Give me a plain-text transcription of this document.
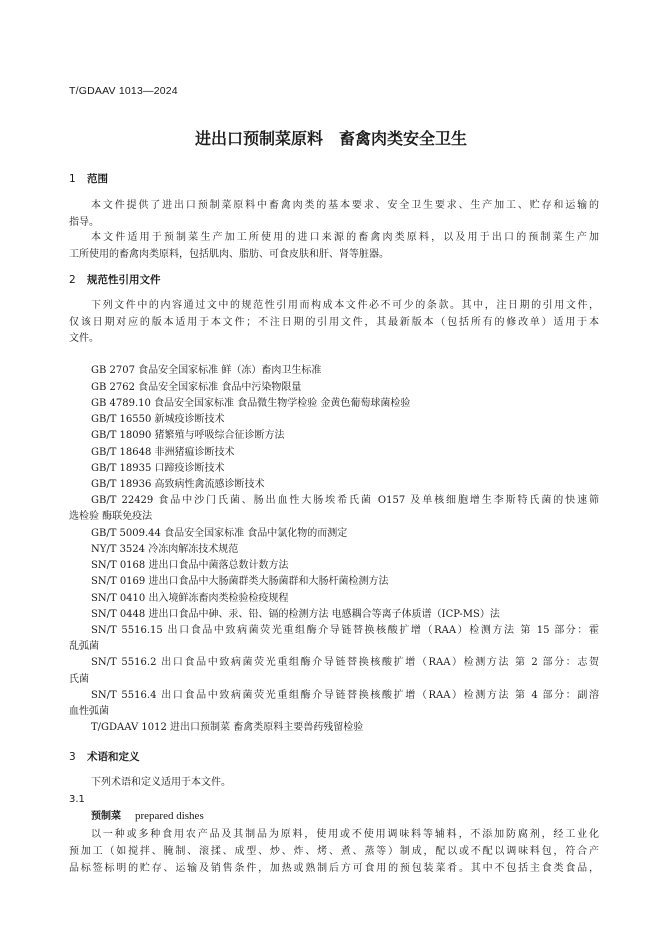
T/GDAAV 1013—2024
进出口预制菜原料　畜禽肉类安全卫生
1 范围
本文件提供了进出口预制菜原料中畜禽肉类的基本要求、安全卫生要求、生产加工、贮存和运输的
指导。
本文件适用于预制菜生产加工所使用的进口来源的畜禽肉类原料，以及用于出口的预制菜生产加
工所使用的畜禽肉类原料，包括肌肉、脂肪、可食皮肤和肝、肾等脏器。
2 规范性引用文件
下列文件中的内容通过文中的规范性引用而构成本文件必不可少的条款。其中，注日期的引用文件，
仅该日期对应的版本适用于本文件；不注日期的引用文件，其最新版本（包括所有的修改单）适用于本
文件。
GB 2707 食品安全国家标准 鲜（冻）畜肉卫生标准
GB 2762 食品安全国家标准 食品中污染物限量
GB 4789.10 食品安全国家标准 食品微生物学检验 金黄色葡萄球菌检验
GB/T 16550 新城疫诊断技术
GB/T 18090 猪繁殖与呼吸综合征诊断方法
GB/T 18648 非洲猪瘟诊断技术
GB/T 18935 口蹄疫诊断技术
GB/T 18936 高致病性禽流感诊断技术
GB/T 22429 食品中沙门氏菌、肠出血性大肠埃希氏菌 O157 及单核细胞增生李斯特氏菌的快速筛
选检验 酶联免疫法
GB/T 5009.44 食品安全国家标准 食品中氯化物的而测定
NY/T 3524 冷冻肉解冻技术规范
SN/T 0168 进出口食品中菌落总数计数方法
SN/T 0169 进出口食品中大肠菌群类大肠菌群和大肠杆菌检测方法
SN/T 0410 出入境鲜冻畜肉类检验检疫规程
SN/T 0448 进出口食品中砷、汞、铅、镉的检测方法 电感耦合等离子体质谱（ICP-MS）法
SN/T 5516.15 出口食品中致病菌荧光重组酶介导链替换核酸扩增（RAA）检测方法 第 15 部分：霍
乱弧菌
SN/T 5516.2 出口食品中致病菌荧光重组酶介导链替换核酸扩增（RAA）检测方法 第 2 部分：志贺
氏菌
SN/T 5516.4 出口食品中致病菌荧光重组酶介导链替换核酸扩增（RAA）检测方法 第 4 部分：副溶
血性弧菌
T/GDAAV 1012 进出口预制菜 畜禽类原料主要兽药残留检验
3 术语和定义
下列术语和定义适用于本文件。
3.1
预制菜 prepared dishes
以一种或多种食用农产品及其制品为原料，使用或不使用调味料等辅料，不添加防腐剂，经工业化
预加工（如搅拌、腌制、滚揉、成型、炒、炸、烤、煮、蒸等）制成，配以或不配以调味料包，符合产
品标签标明的贮存、运输及销售条件，加热或熟制后方可食用的预包装菜肴。其中不包括主食类食品，
